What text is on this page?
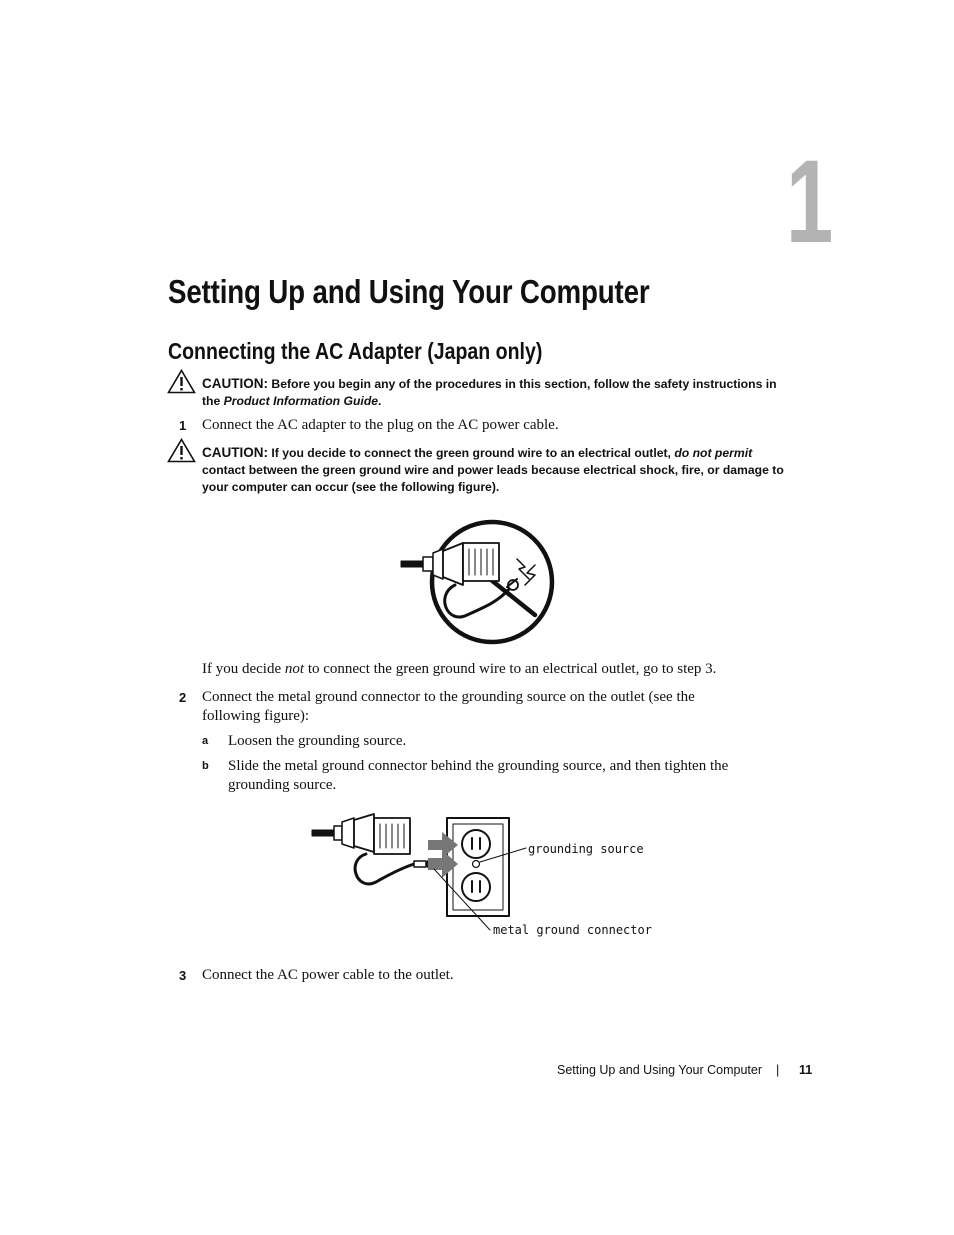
1
Setting Up and Using Your Computer
Connecting the AC Adapter (Japan only)
CAUTION: Before you begin any of the procedures in this section, follow the safety instructions in the Product Information Guide.
1 Connect the AC adapter to the plug on the AC power cable.
CAUTION: If you decide to connect the green ground wire to an electrical outlet, do not permit contact between the green ground wire and power leads because electrical shock, fire, or damage to your computer can occur (see the following figure).
If you decide not to connect the green ground wire to an electrical outlet, go to step 3.
2 Connect the metal ground connector to the grounding source on the outlet (see the following figure):
a Loosen the grounding source.
b Slide the metal ground connector behind the grounding source, and then tighten the grounding source.
grounding source
metal ground connector
3 Connect the AC power cable to the outlet.
Setting Up and Using Your Computer | 11
